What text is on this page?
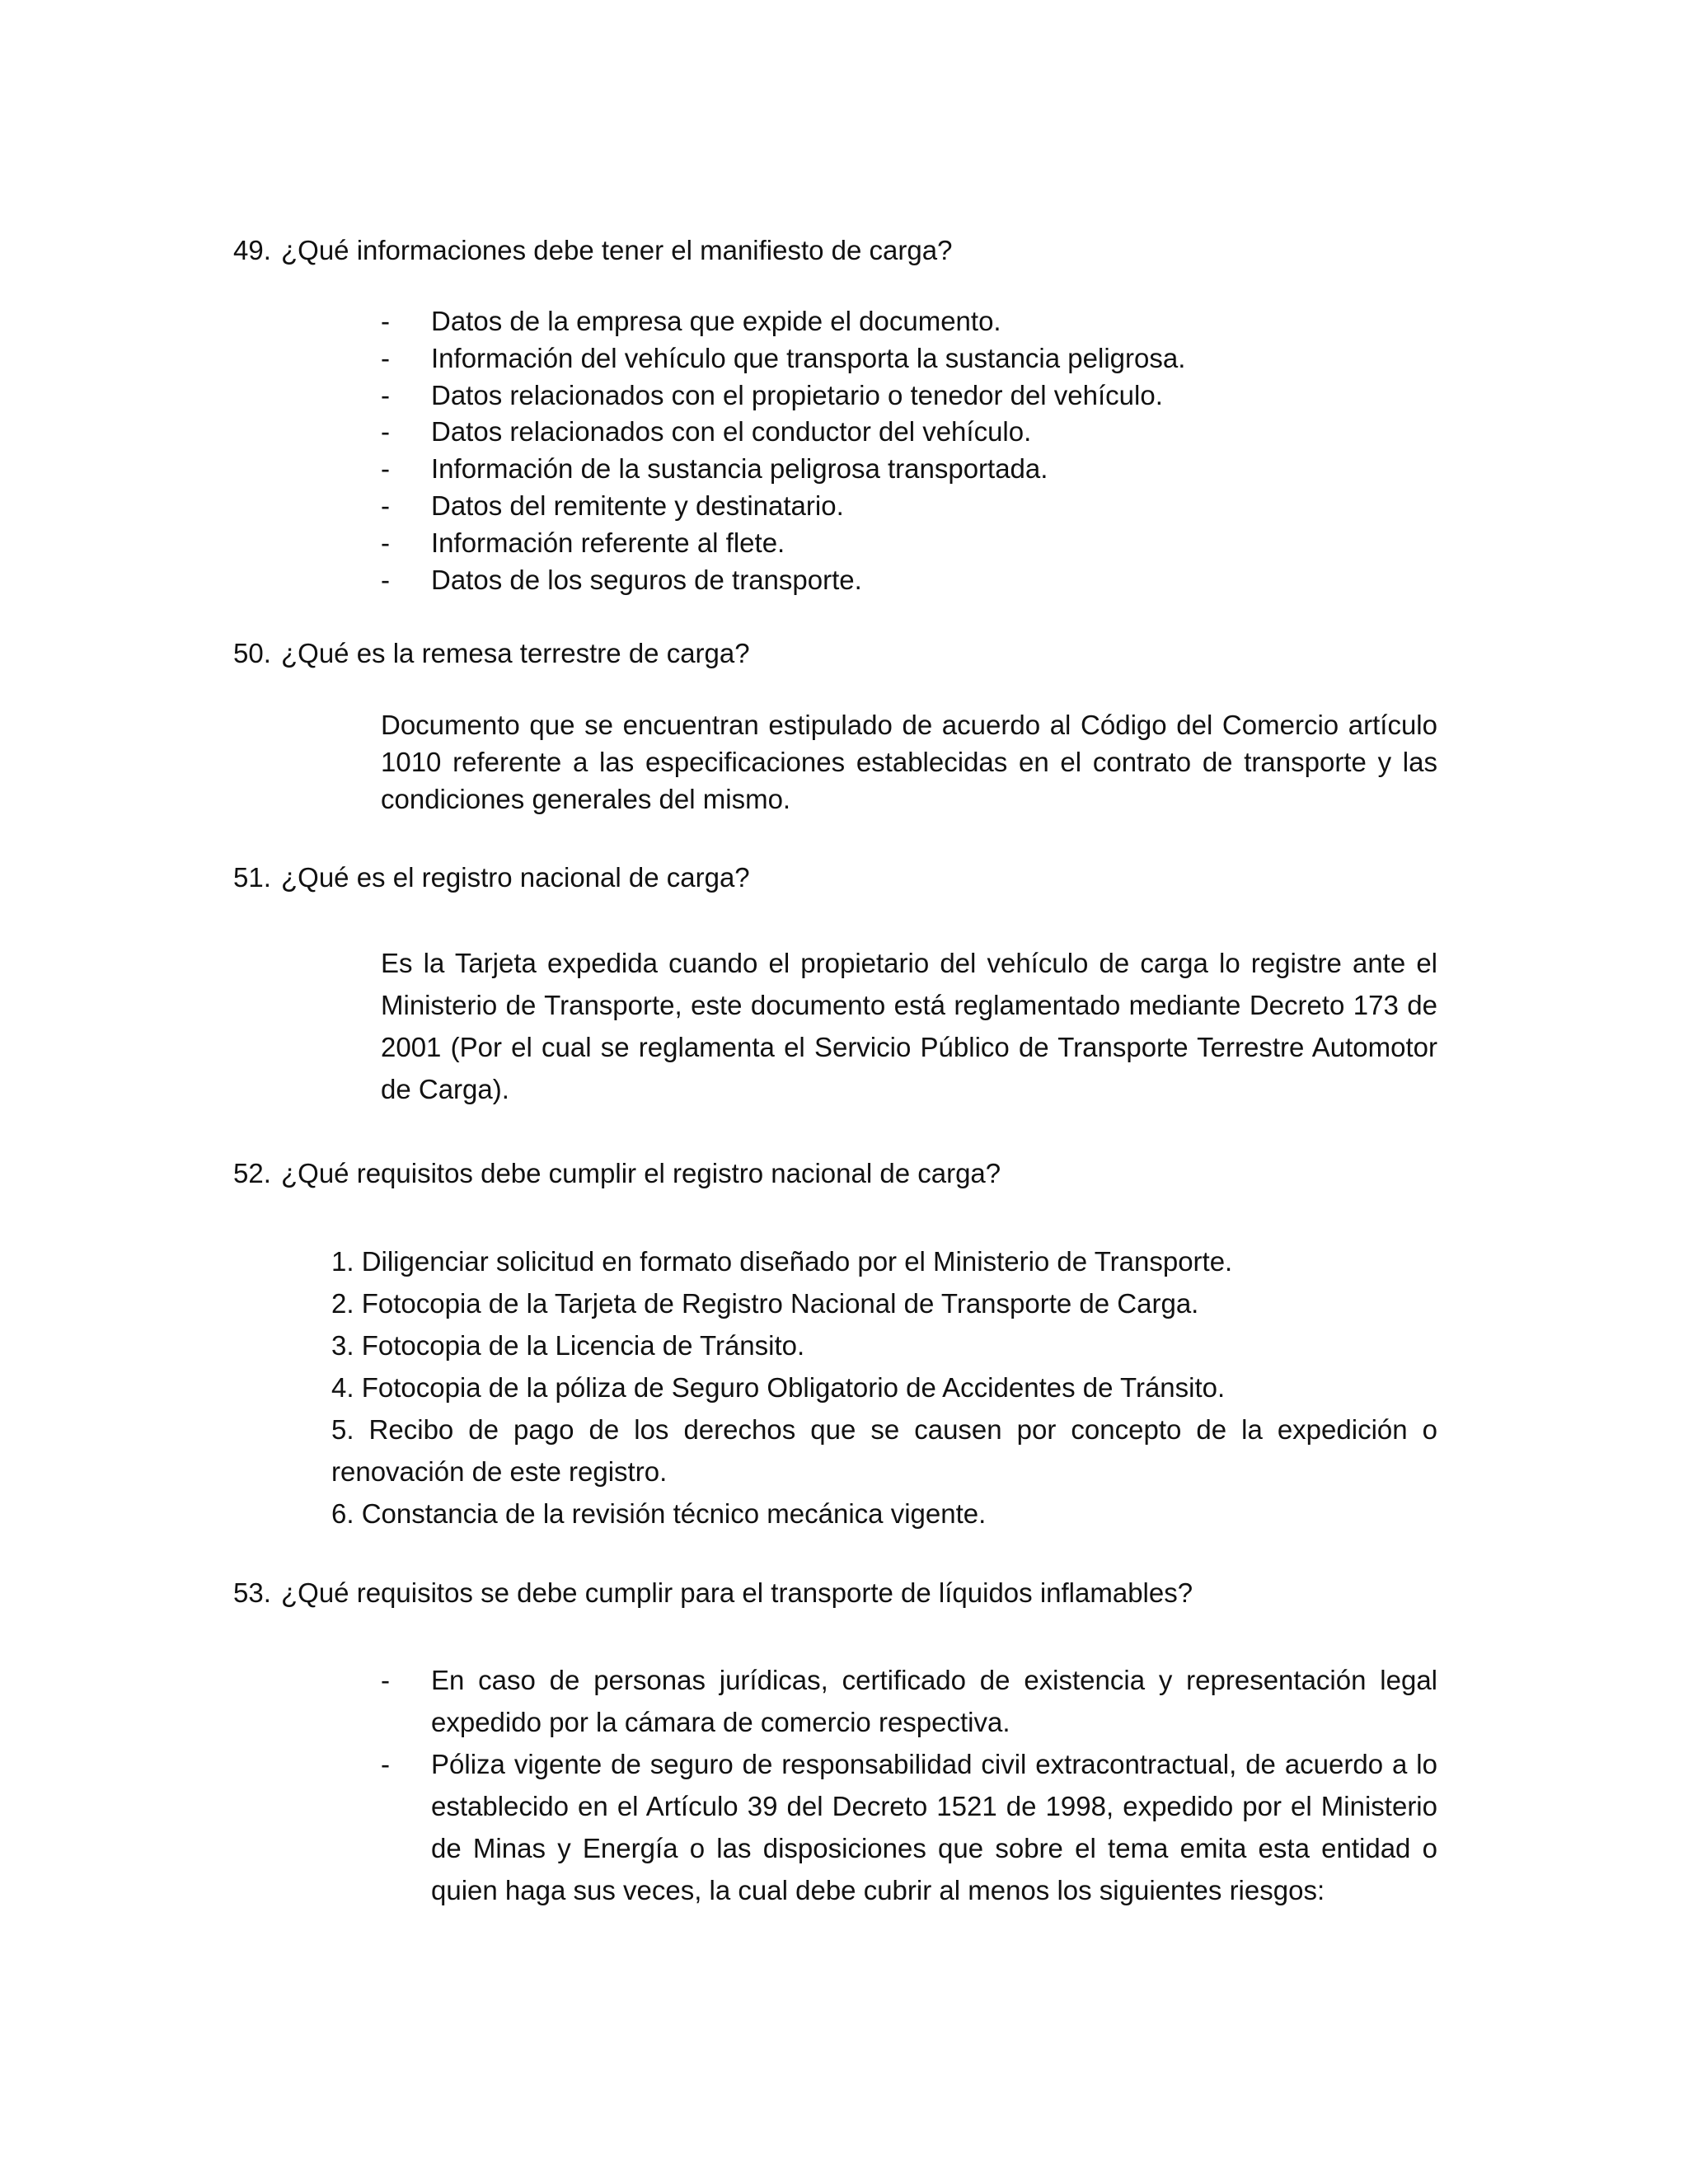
49. ¿Qué informaciones debe tener el manifiesto de carga?
- Datos de la empresa que expide el documento.
- Información del vehículo que transporta la sustancia peligrosa.
- Datos relacionados con el propietario o tenedor del vehículo.
- Datos relacionados con el conductor del vehículo.
- Información de la sustancia peligrosa transportada.
- Datos del remitente y destinatario.
- Información referente al flete.
- Datos de los seguros de transporte.
50. ¿Qué es la remesa terrestre de carga?

Documento que se encuentran estipulado de acuerdo al Código del Comercio artículo 1010 referente a las especificaciones establecidas en el contrato de transporte y las condiciones generales del mismo.

51. ¿Qué es el registro nacional de carga?

Es la Tarjeta expedida cuando el propietario del vehículo de carga lo registre ante el Ministerio de Transporte, este documento está reglamentado mediante Decreto 173 de 2001 (Por el cual se reglamenta el Servicio Público de Transporte Terrestre Automotor de Carga).

52. ¿Qué requisitos debe cumplir el registro nacional de carga?
1. Diligenciar solicitud en formato diseñado por el Ministerio de Transporte.
2. Fotocopia de la Tarjeta de Registro Nacional de Transporte de Carga.
3. Fotocopia de la Licencia de Tránsito.
4. Fotocopia de la póliza de Seguro Obligatorio de Accidentes de Tránsito.
5. Recibo de pago de los derechos que se causen por concepto de la expedición o renovación de este registro.
6. Constancia de la revisión técnico mecánica vigente.
53. ¿Qué requisitos se debe cumplir para el transporte de líquidos inflamables?
- En caso de personas jurídicas, certificado de existencia y representación legal expedido por la cámara de comercio respectiva.
- Póliza vigente de seguro de responsabilidad civil extracontractual, de acuerdo a lo establecido en el Artículo 39 del Decreto 1521 de 1998, expedido por el Ministerio de Minas y Energía o las disposiciones que sobre el tema emita esta entidad o quien haga sus veces, la cual debe cubrir al menos los siguientes riesgos:
